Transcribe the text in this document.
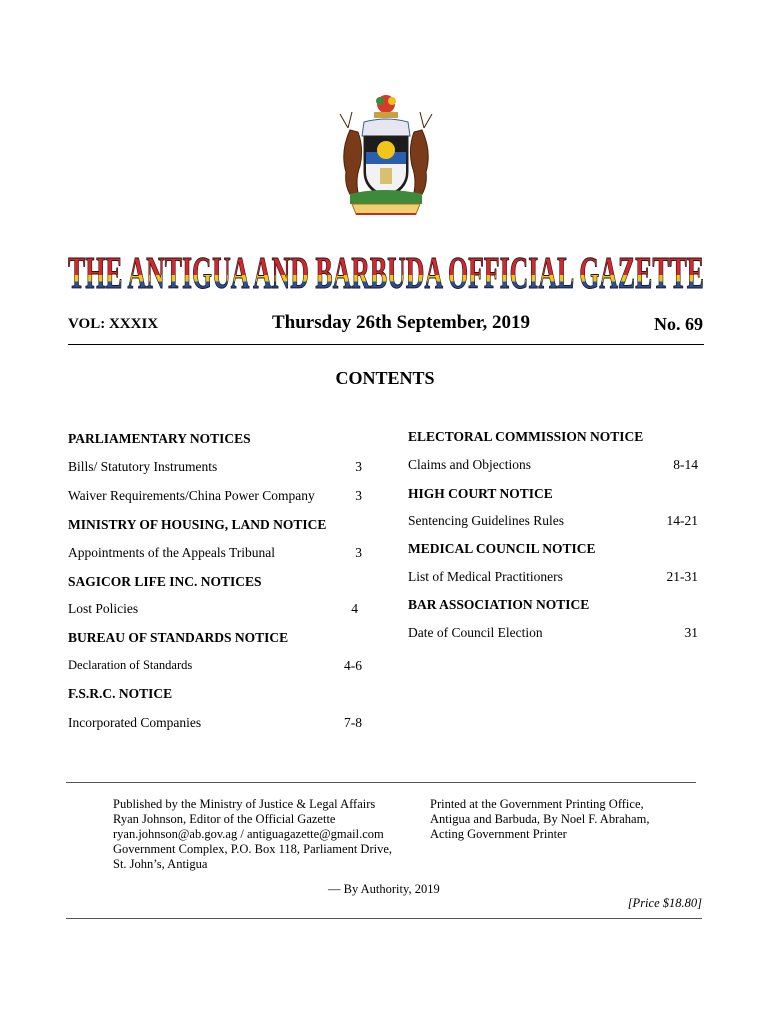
THE ANTIGUA AND BARBUDA OFFICIAL GAZETTE
VOL: XXXIX	Thursday 26th September, 2019	No. 69
CONTENTS
PARLIAMENTARY NOTICES
Bills/ Statutory Instruments	3
Waiver Requirements/China Power Company	3
MINISTRY OF HOUSING, LAND NOTICE
Appointments of the Appeals Tribunal	3
SAGICOR LIFE INC. NOTICES
Lost Policies	4
BUREAU OF STANDARDS NOTICE
Declaration of Standards	4-6
F.S.R.C. NOTICE
Incorporated Companies	7-8
ELECTORAL COMMISSION NOTICE
Claims and Objections	8-14
HIGH COURT NOTICE
Sentencing Guidelines Rules	14-21
MEDICAL COUNCIL NOTICE
List of Medical Practitioners	21-31
BAR ASSOCIATION NOTICE
Date of Council Election	31
Published by the Ministry of Justice & Legal Affairs
Ryan Johnson, Editor of the Official Gazette
ryan.johnson@ab.gov.ag / antiguagazette@gmail.com
Government Complex, P.O. Box 118, Parliament Drive,
St. John’s, Antigua
Printed at the Government Printing Office,
Antigua and Barbuda, By Noel F. Abraham,
Acting Government Printer
— By Authority, 2019
[Price $18.80]
